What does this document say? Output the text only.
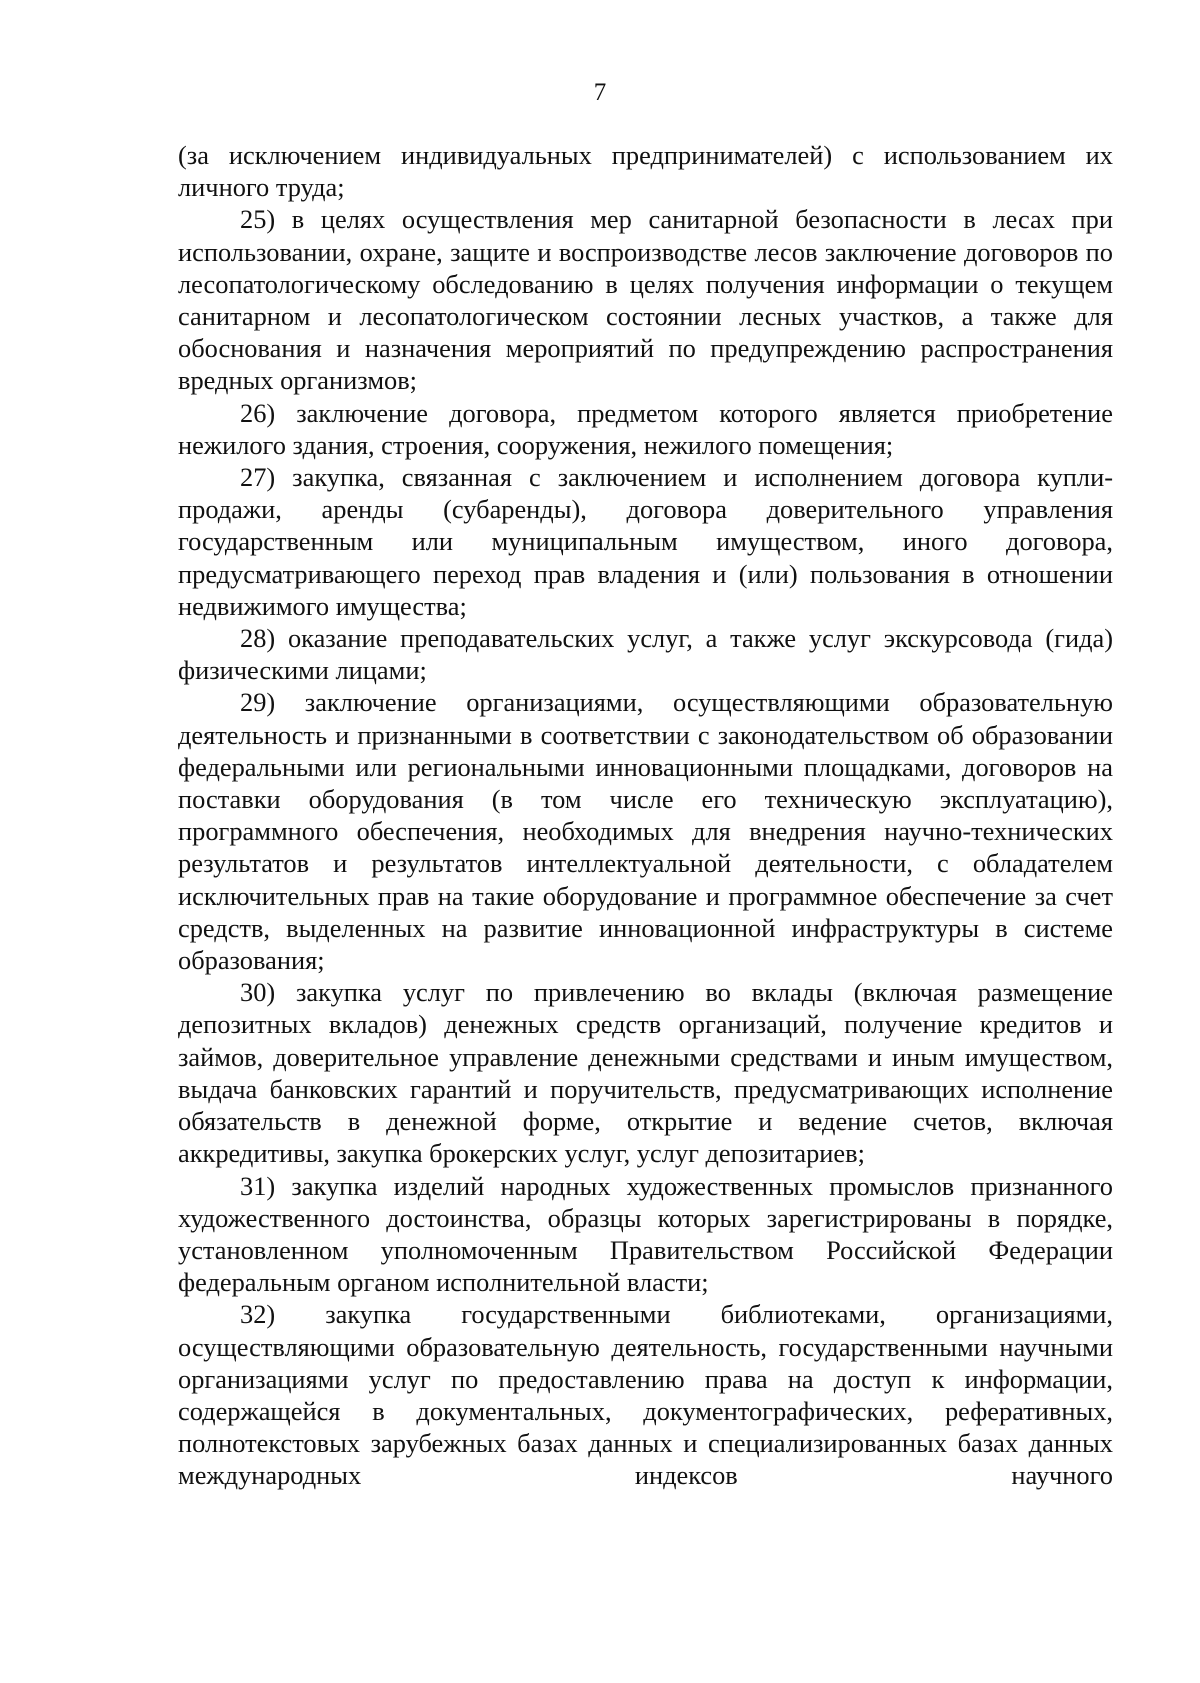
7

(за исключением индивидуальных предпринимателей) с использованием их личного труда;

25) в целях осуществления мер санитарной безопасности в лесах при использовании, охране, защите и воспроизводстве лесов заключение договоров по лесопатологическому обследованию в целях получения информации о текущем санитарном и лесопатологическом состоянии лесных участков, а также для обоснования и назначения мероприятий по предупреждению распространения вредных организмов;

26) заключение договора, предметом которого является приобретение нежилого здания, строения, сооружения, нежилого помещения;

27) закупка, связанная с заключением и исполнением договора купли-продажи, аренды (субаренды), договора доверительного управления государственным или муниципальным имуществом, иного договора, предусматривающего переход прав владения и (или) пользования в отношении недвижимого имущества;

28) оказание преподавательских услуг, а также услуг экскурсовода (гида) физическими лицами;

29) заключение организациями, осуществляющими образовательную деятельность и признанными в соответствии с законодательством об образовании федеральными или региональными инновационными площадками, договоров на поставки оборудования (в том числе его техническую эксплуатацию), программного обеспечения, необходимых для внедрения научно-технических результатов и результатов интеллектуальной деятельности, с обладателем исключительных прав на такие оборудование и программное обеспечение за счет средств, выделенных на развитие инновационной инфраструктуры в системе образования;

30) закупка услуг по привлечению во вклады (включая размещение депозитных вкладов) денежных средств организаций, получение кредитов и займов, доверительное управление денежными средствами и иным имуществом, выдача банковских гарантий и поручительств, предусматривающих исполнение обязательств в денежной форме, открытие и ведение счетов, включая аккредитивы, закупка брокерских услуг, услуг депозитариев;

31) закупка изделий народных художественных промыслов признанного художественного достоинства, образцы которых зарегистрированы в порядке, установленном уполномоченным Правительством Российской Федерации федеральным органом исполнительной власти;

32) закупка государственными библиотеками, организациями, осуществляющими образовательную деятельность, государственными научными организациями услуг по предоставлению права на доступ к информации, содержащейся в документальных, документографических, реферативных, полнотекстовых зарубежных базах данных и специализированных базах данных международных индексов научного
